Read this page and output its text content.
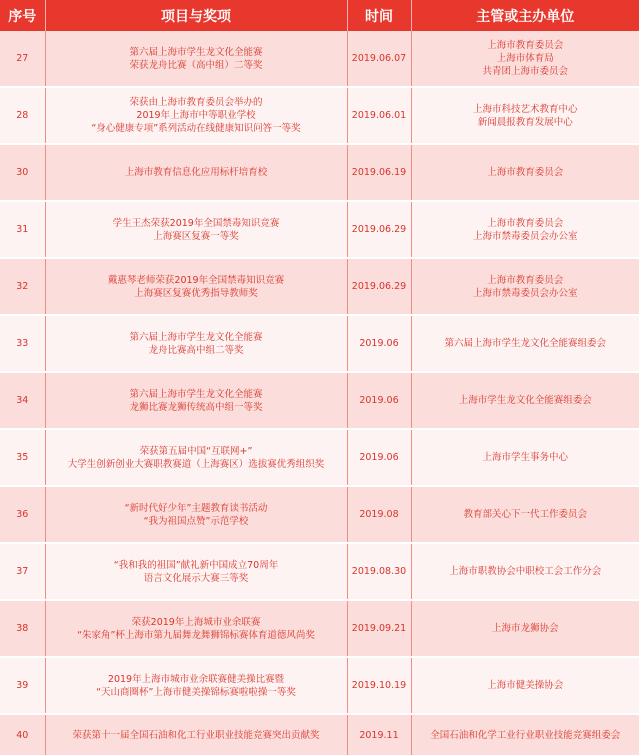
序号	项目与奖项	时间	主管或主办单位
27	第六届上海市学生龙文化全能赛
荣获龙舟比赛（高中组）二等奖	2019.06.07	上海市教育委员会
上海市体育局
共青团上海市委员会

28	荣获由上海市教育委员会举办的
2019年上海市中等职业学校
“身心健康专项”系列活动在线健康知识问答一等奖	2019.06.01	上海市科技艺术教育中心
新闻晨报教育发展中心

30	上海市教育信息化应用标杆培育校	2019.06.19	上海市教育委员会

31	学生王杰荣获2019年全国禁毒知识竞赛
上海赛区复赛一等奖	2019.06.29	上海市教育委员会
上海市禁毒委员会办公室

32	戴惠琴老师荣获2019年全国禁毒知识竞赛
上海赛区复赛优秀指导教师奖	2019.06.29	上海市教育委员会
上海市禁毒委员会办公室

33	第六届上海市学生龙文化全能赛
龙舟比赛高中组二等奖	2019.06	第六届上海市学生龙文化全能赛组委会

34	第六届上海市学生龙文化全能赛
龙狮比赛龙狮传统高中组一等奖	2019.06	上海市学生龙文化全能赛组委会

35	荣获第五届中国“互联网+”
大学生创新创业大赛职教赛道（上海赛区）选拔赛优秀组织奖	2019.06	上海市学生事务中心

36	“新时代好少年”主题教育读书活动
“我为祖国点赞”示范学校	2019.08	教育部关心下一代工作委员会

37	“我和我的祖国”献礼新中国成立70周年
语言文化展示大赛三等奖	2019.08.30	上海市职教协会中职校工会工作分会

38	荣获2019年上海城市业余联赛
“朱家角”杯上海市第九届舞龙舞狮锦标赛体育道德风尚奖	2019.09.21	上海市龙狮协会

39	2019年上海市城市业余联赛健美操比赛暨
“天山商圈杯”上海市健美操锦标赛啦啦操一等奖	2019.10.19	上海市健美操协会

40	荣获第十一届全国石油和化工行业职业技能竞赛突出贡献奖	2019.11	全国石油和化学工业行业职业技能竞赛组委会
